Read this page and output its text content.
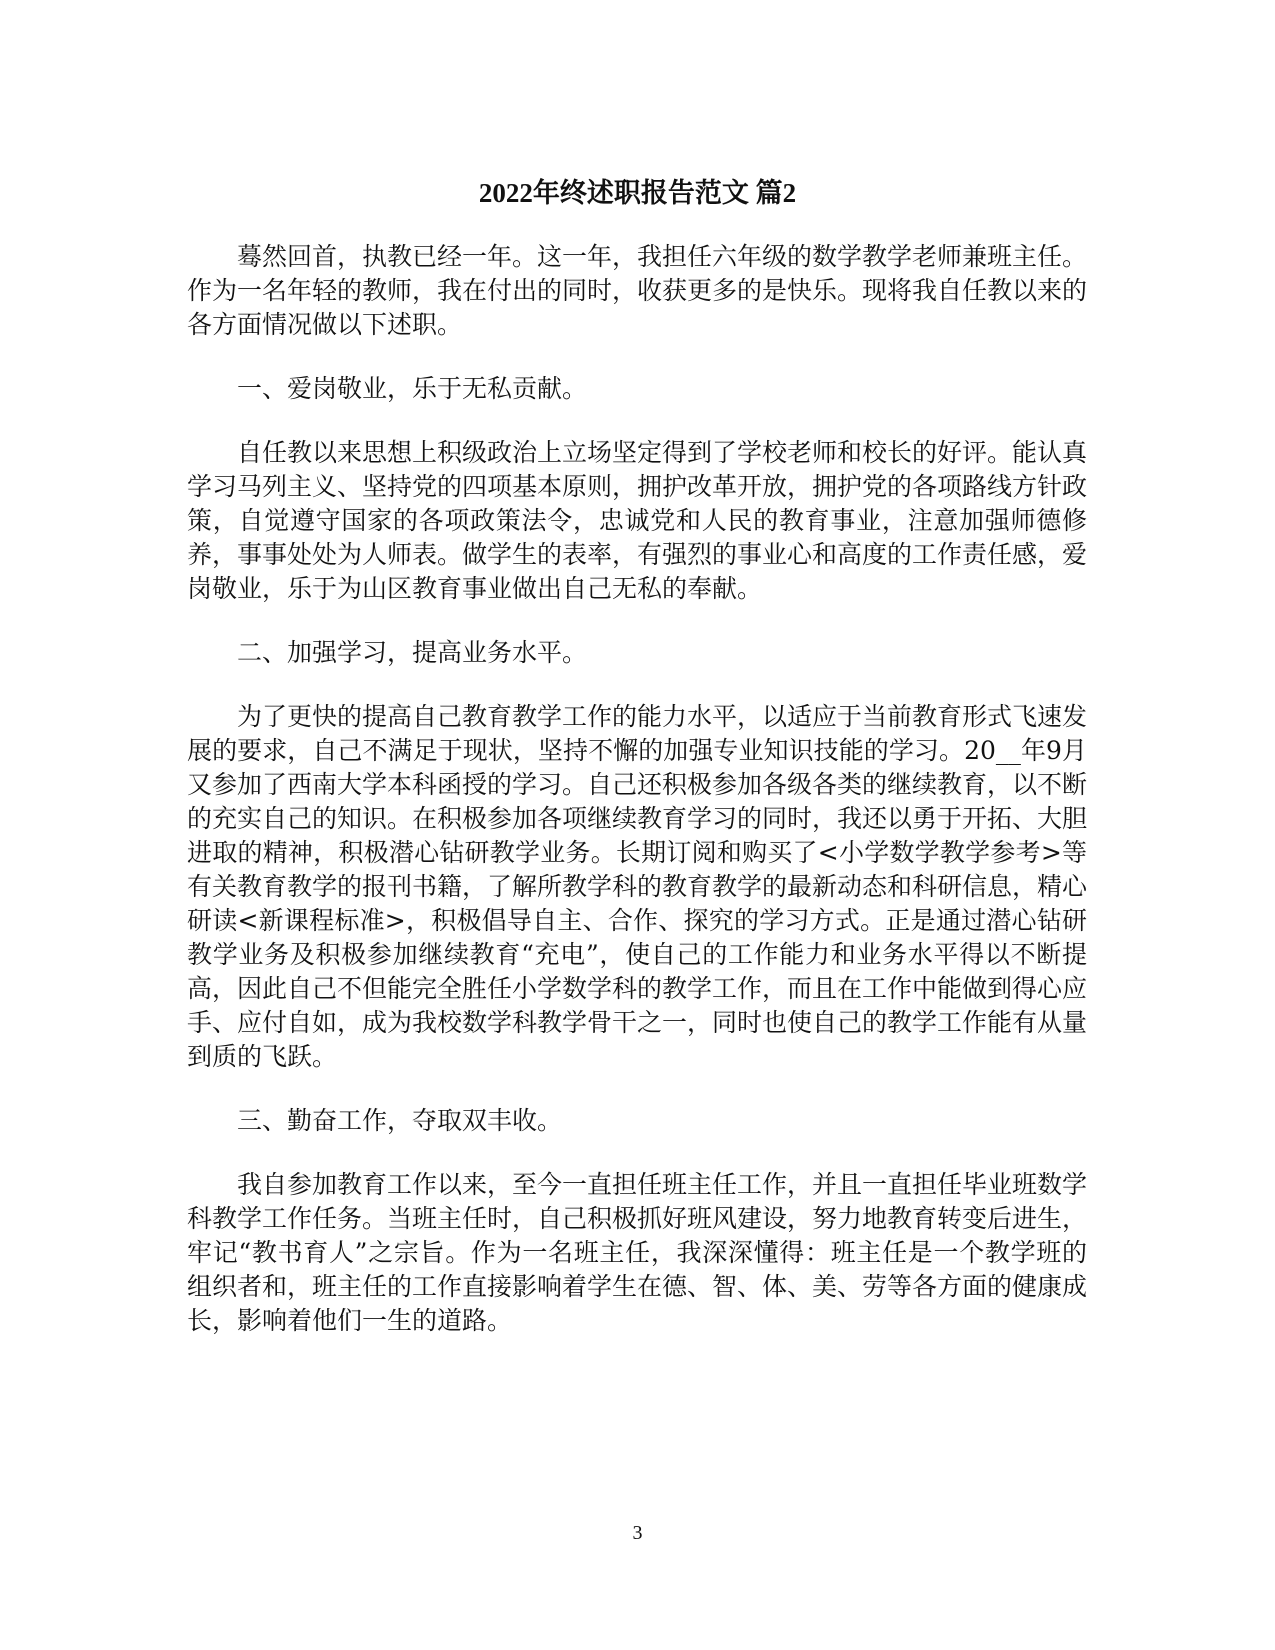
2022年终述职报告范文 篇2

蓦然回首，执教已经一年。这一年，我担任六年级的数学教学老师兼班主任。作为一名年轻的教师，我在付出的同时，收获更多的是快乐。现将我自任教以来的各方面情况做以下述职。

一、爱岗敬业，乐于无私贡献。

自任教以来思想上积级政治上立场坚定得到了学校老师和校长的好评。能认真学习马列主义、坚持党的四项基本原则，拥护改革开放，拥护党的各项路线方针政策，自觉遵守国家的各项政策法令，忠诚党和人民的教育事业，注意加强师德修养，事事处处为人师表。做学生的表率，有强烈的事业心和高度的工作责任感，爱岗敬业，乐于为山区教育事业做出自己无私的奉献。

二、加强学习，提高业务水平。

为了更快的提高自己教育教学工作的能力水平，以适应于当前教育形式飞速发展的要求，自己不满足于现状，坚持不懈的加强专业知识技能的学习。20__年9月又参加了西南大学本科函授的学习。自己还积极参加各级各类的继续教育，以不断的充实自己的知识。在积极参加各项继续教育学习的同时，我还以勇于开拓、大胆进取的精神，积极潜心钻研教学业务。长期订阅和购买了<小学数学教学参考>等有关教育教学的报刊书籍，了解所教学科的教育教学的最新动态和科研信息，精心研读<新课程标准>，积极倡导自主、合作、探究的学习方式。正是通过潜心钻研教学业务及积极参加继续教育“充电”，使自己的工作能力和业务水平得以不断提高，因此自己不但能完全胜任小学数学科的教学工作，而且在工作中能做到得心应手、应付自如，成为我校数学科教学骨干之一，同时也使自己的教学工作能有从量到质的飞跃。

三、勤奋工作，夺取双丰收。

我自参加教育工作以来，至今一直担任班主任工作，并且一直担任毕业班数学科教学工作任务。当班主任时，自己积极抓好班风建设，努力地教育转变后进生，牢记“教书育人”之宗旨。作为一名班主任，我深深懂得：班主任是一个教学班的组织者和，班主任的工作直接影响着学生在德、智、体、美、劳等各方面的健康成长，影响着他们一生的道路。

3
